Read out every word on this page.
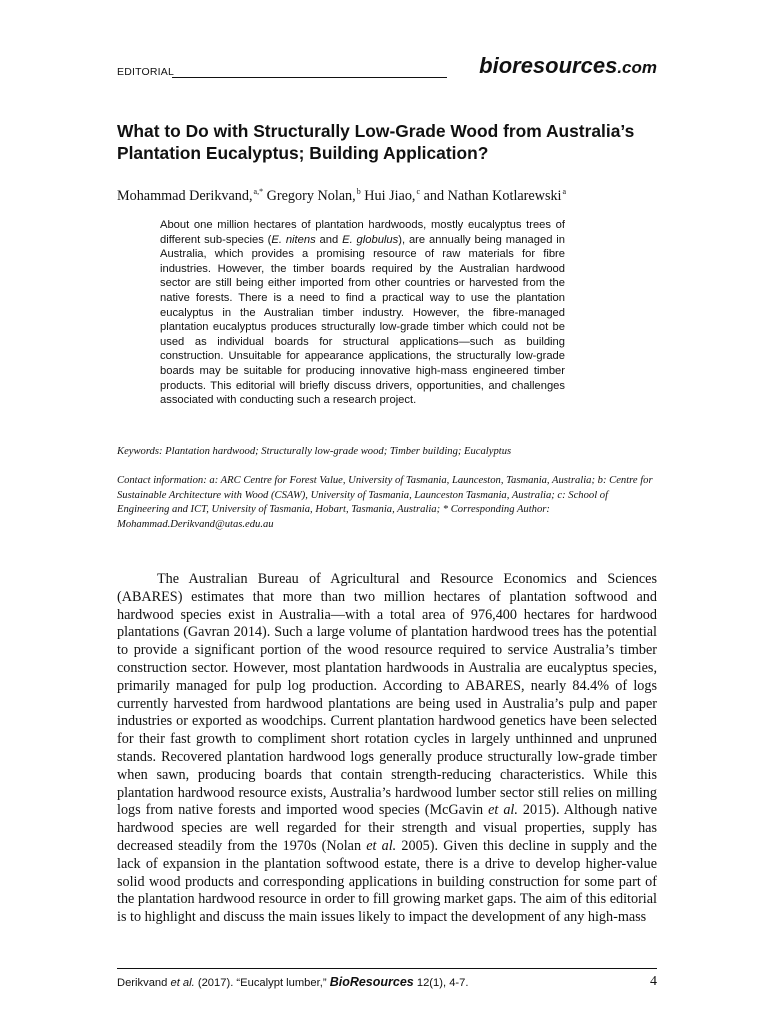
EDITORIAL	bioresources.com
What to Do with Structurally Low-Grade Wood from Australia’s Plantation Eucalyptus; Building Application?
Mohammad Derikvand,$^{a,*}$ Gregory Nolan,$^b$ Hui Jiao,$^c$ and Nathan Kotlarewski$^a$

About one million hectares of plantation hardwoods, mostly eucalyptus trees of different sub-species (E. nitens and E. globulus), are annually being managed in Australia, which provides a promising resource of raw materials for fibre industries. However, the timber boards required by the Australian hardwood sector are still being either imported from other countries or harvested from the native forests. There is a need to find a practical way to use the plantation eucalyptus in the Australian timber industry. However, the fibre-managed plantation eucalyptus produces structurally low-grade timber which could not be used as individual boards for structural applications—such as building construction. Unsuitable for appearance applications, the structurally low-grade boards may be suitable for producing innovative high-mass engineered timber products. This editorial will briefly discuss drivers, opportunities, and challenges associated with conducting such a research project.

Keywords: Plantation hardwood; Structurally low-grade wood; Timber building; Eucalyptus

Contact information: a: ARC Centre for Forest Value, University of Tasmania, Launceston, Tasmania, Australia; b: Centre for Sustainable Architecture with Wood (CSAW), University of Tasmania, Launceston Tasmania, Australia; c: School of Engineering and ICT, University of Tasmania, Hobart, Tasmania, Australia; * Corresponding Author: Mohammad.Derikvand@utas.edu.au

The Australian Bureau of Agricultural and Resource Economics and Sciences (ABARES) estimates that more than two million hectares of plantation softwood and hardwood species exist in Australia—with a total area of 976,400 hectares for hardwood plantations (Gavran 2014). Such a large volume of plantation hardwood trees has the potential to provide a significant portion of the wood resource required to service Australia’s timber construction sector. However, most plantation hardwoods in Australia are eucalyptus species, primarily managed for pulp log production. According to ABARES, nearly 84.4% of logs currently harvested from hardwood plantations are being used in Australia’s pulp and paper industries or exported as woodchips. Current plantation hardwood genetics have been selected for their fast growth to compliment short rotation cycles in largely unthinned and unpruned stands. Recovered plantation hardwood logs generally produce structurally low-grade timber when sawn, producing boards that contain strength-reducing characteristics. While this plantation hardwood resource exists, Australia’s hardwood lumber sector still relies on milling logs from native forests and imported wood species (McGavin et al. 2015). Although native hardwood species are well regarded for their strength and visual properties, supply has decreased steadily from the 1970s (Nolan et al. 2005). Given this decline in supply and the lack of expansion in the plantation softwood estate, there is a drive to develop higher-value solid wood products and corresponding applications in building construction for some part of the plantation hardwood resource in order to fill growing market gaps. The aim of this editorial is to highlight and discuss the main issues likely to impact the development of any high-mass

Derikvand et al. (2017). “Eucalypt lumber,” BioResources 12(1), 4-7.	4
